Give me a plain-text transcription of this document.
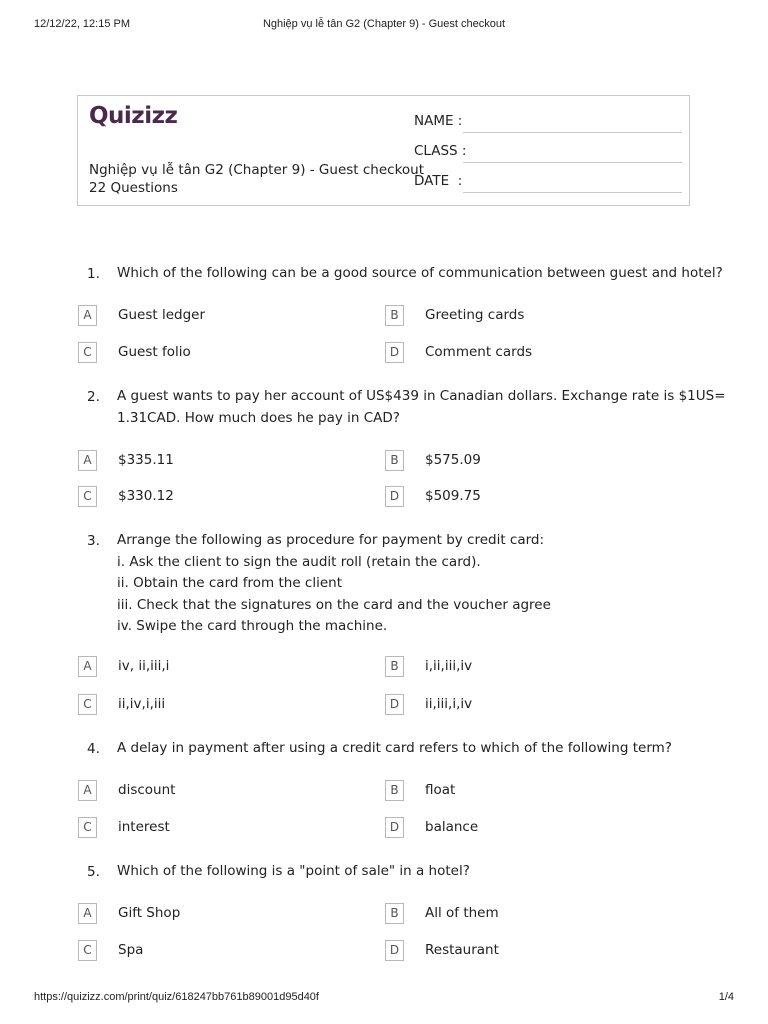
12/12/22, 12:15 PM	Nghiệp vụ lễ tân G2 (Chapter 9) - Guest checkout
Quizizz
Nghiệp vụ lễ tân G2 (Chapter 9) - Guest checkout
22 Questions
NAME :
CLASS :
DATE  :
1. Which of the following can be a good source of communication between guest and hotel?
A	Guest ledger	B	Greeting cards
C	Guest folio	D	Comment cards
2. A guest wants to pay her account of US$439 in Canadian dollars. Exchange rate is $1US=
1.31CAD. How much does he pay in CAD?
A	$335.11	B	$575.09
C	$330.12	D	$509.75
3. Arrange the following as procedure for payment by credit card:
i. Ask the client to sign the audit roll (retain the card).
ii. Obtain the card from the client
iii. Check that the signatures on the card and the voucher agree
iv. Swipe the card through the machine.
A	iv, ii,iii,i	B	i,ii,iii,iv
C	ii,iv,i,iii	D	ii,iii,i,iv
4. A delay in payment after using a credit card refers to which of the following term?
A	discount	B	float
C	interest	D	balance
5. Which of the following is a "point of sale" in a hotel?
A	Gift Shop	B	All of them
C	Spa	D	Restaurant
https://quizizz.com/print/quiz/618247bb761b89001d95d40f	1/4
